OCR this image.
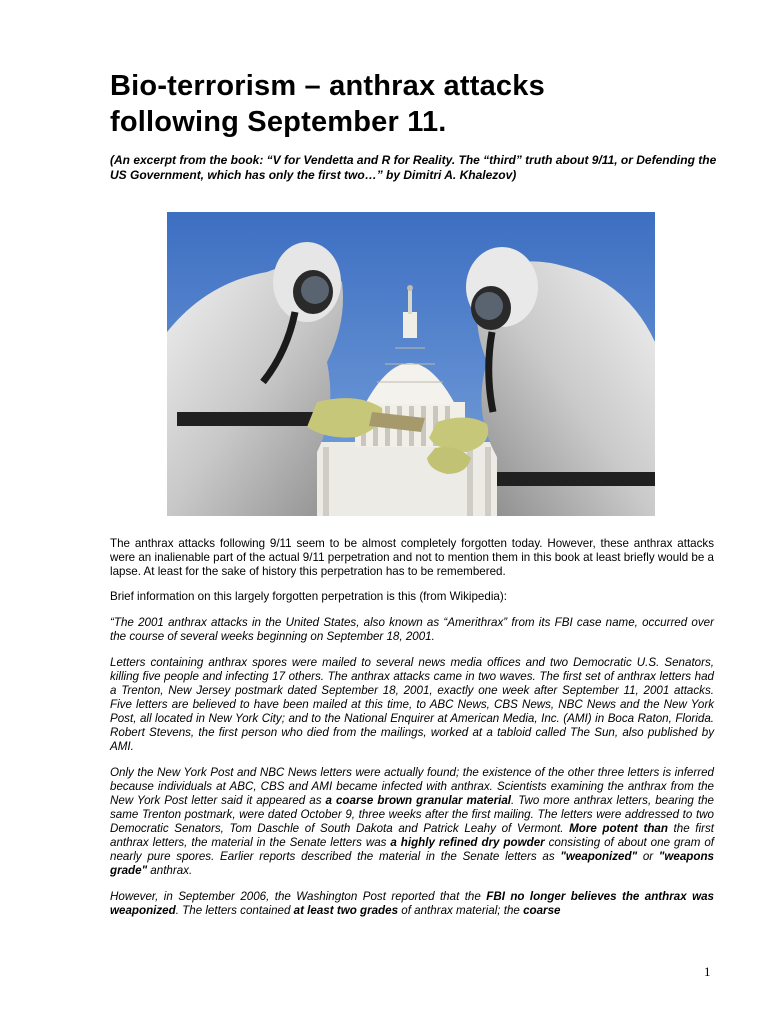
Bio-terrorism – anthrax attacks following September 11.

(An excerpt from the book: “V for Vendetta and R for Reality. The “third” truth about 9/11, or Defending the US Government, which has only the first two…” by Dimitri A. Khalezov)

The anthrax attacks following 9/11 seem to be almost completely forgotten today. However, these anthrax attacks were an inalienable part of the actual 9/11 perpetration and not to mention them in this book at least briefly would be a lapse. At least for the sake of history this perpetration has to be remembered.

Brief information on this largely forgotten perpetration is this (from Wikipedia):

“The 2001 anthrax attacks in the United States, also known as “Amerithrax” from its FBI case name, occurred over the course of several weeks beginning on September 18, 2001.

Letters containing anthrax spores were mailed to several news media offices and two Democratic U.S. Senators, killing five people and infecting 17 others. The anthrax attacks came in two waves. The first set of anthrax letters had a Trenton, New Jersey postmark dated September 18, 2001, exactly one week after September 11, 2001 attacks. Five letters are believed to have been mailed at this time, to ABC News, CBS News, NBC News and the New York Post, all located in New York City; and to the National Enquirer at American Media, Inc. (AMI) in Boca Raton, Florida. Robert Stevens, the first person who died from the mailings, worked at a tabloid called The Sun, also published by AMI.

Only the New York Post and NBC News letters were actually found; the existence of the other three letters is inferred because individuals at ABC, CBS and AMI became infected with anthrax. Scientists examining the anthrax from the New York Post letter said it appeared as a coarse brown granular material. Two more anthrax letters, bearing the same Trenton postmark, were dated October 9, three weeks after the first mailing. The letters were addressed to two Democratic Senators, Tom Daschle of South Dakota and Patrick Leahy of Vermont. More potent than the first anthrax letters, the material in the Senate letters was a highly refined dry powder consisting of about one gram of nearly pure spores. Earlier reports described the material in the Senate letters as "weaponized" or "weapons grade" anthrax.

However, in September 2006, the Washington Post reported that the FBI no longer believes the anthrax was weaponized. The letters contained at least two grades of anthrax material; the coarse

1
